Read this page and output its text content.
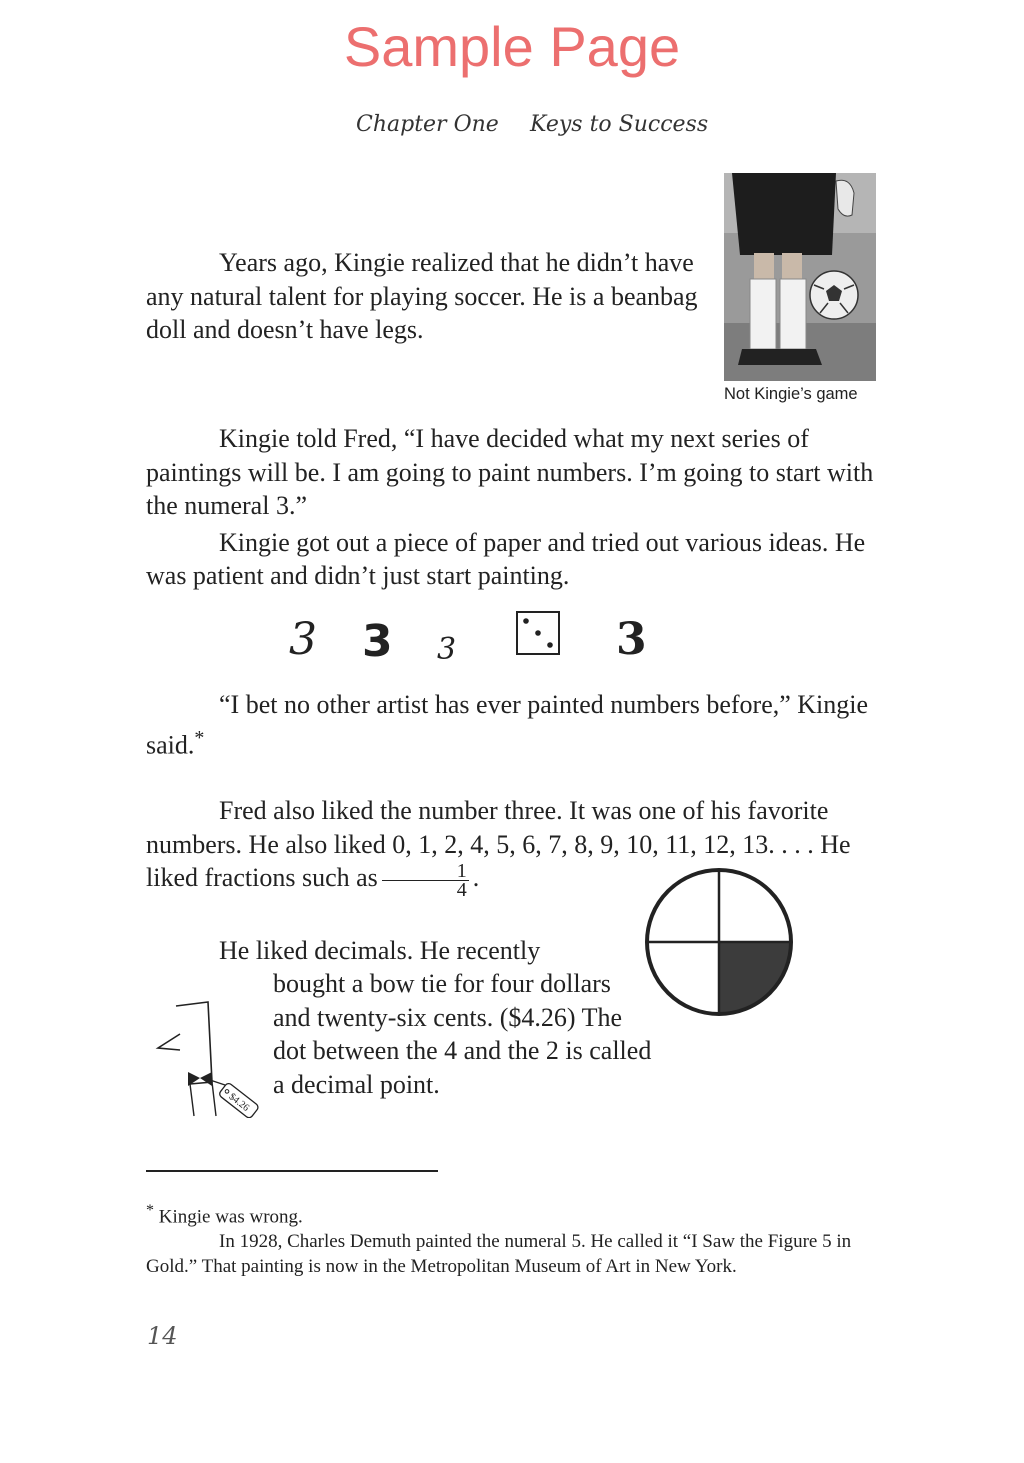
Sample Page
Chapter One Keys to Success
Not Kingie’s game

Years ago, Kingie realized that he didn’t have any natural talent for playing soccer. He is a beanbag doll and doesn’t have legs.

Kingie told Fred, “I have decided what my next series of paintings will be. I am going to paint numbers. I’m going to start with the numeral 3.”

Kingie got out a piece of paper and tried out various ideas. He was patient and didn’t just start painting.

3 3 3	3

“I bet no other artist has ever painted numbers before,” Kingie said.*

Fred also liked the number three. It was one of his favorite numbers. He also liked 0, 1, 2, 4, 5, 6, 7, 8, 9, 10, 11, 12, 13. . . . He liked fractions such as $\frac{1}{4}$ .

He liked decimals. He recently
bought a bow tie for four dollars and twenty-six cents. ($4.26) The dot between the 4 and the 2 is called a decimal point.
$4.26
* Kingie was wrong.
In 1928, Charles Demuth painted the numeral 5. He called it “I Saw the Figure 5 in Gold.” That painting is now in the Metropolitan Museum of Art in New York.
14
